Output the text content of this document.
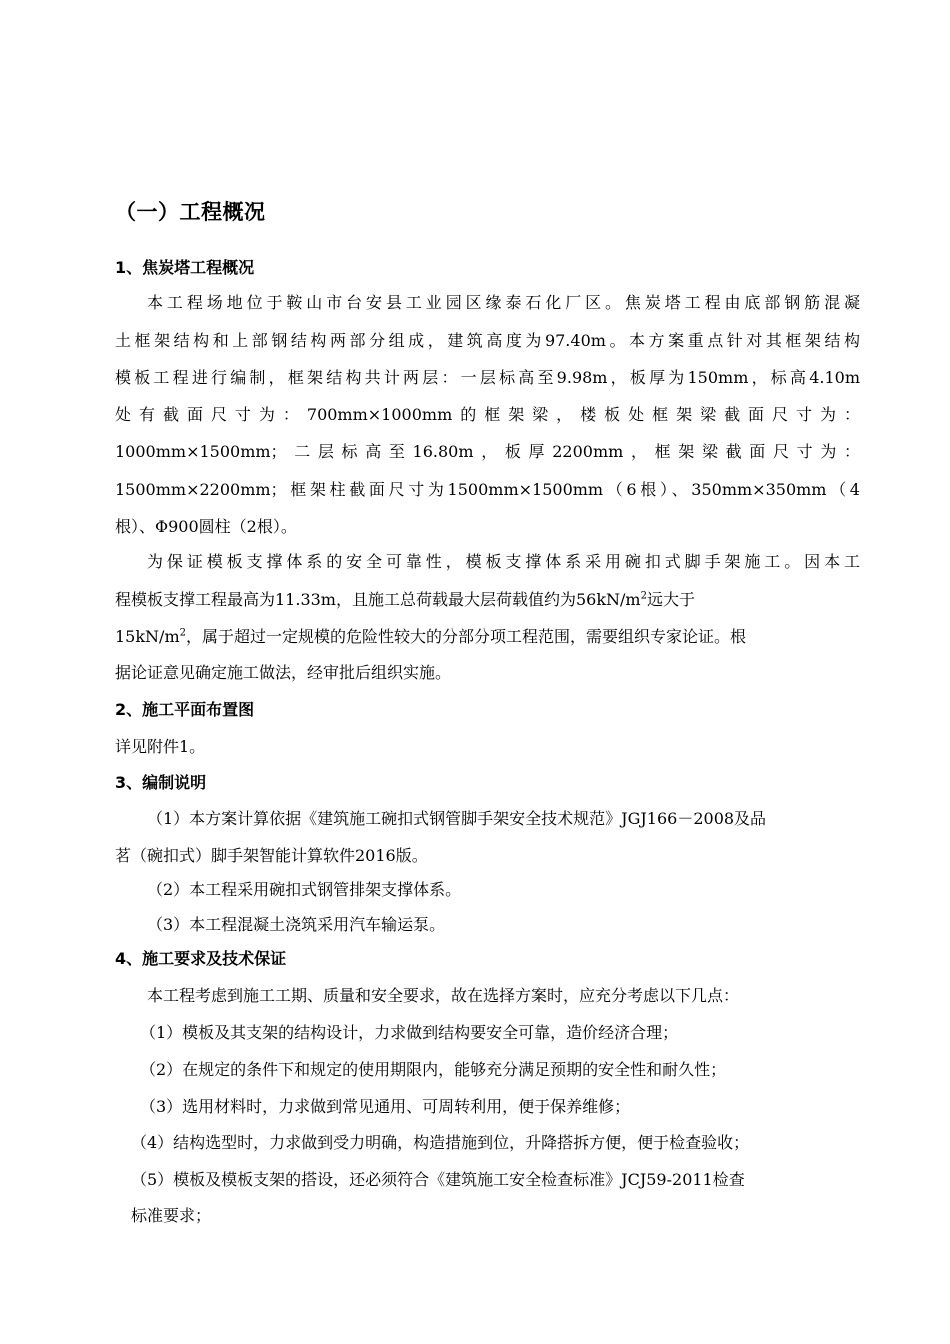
（一）工程概况
1、焦炭塔工程概况
本工程场地位于鞍山市台安县工业园区缘泰石化厂区。焦炭塔工程由底部钢筋混凝
土框架结构和上部钢结构两部分组成，建筑高度为97.40m。本方案重点针对其框架结构
模板工程进行编制，框架结构共计两层：一层标高至9.98m，板厚为150mm，标高4.10m
处有截面尺寸为：700mm×1000mm的框架梁，楼板处框架梁截面尺寸为：
1000mm×1500mm；二层标高至16.80m，板厚2200mm，框架梁截面尺寸为：
1500mm×2200mm；框架柱截面尺寸为1500mm×1500mm（6根）、350mm×350mm（4
根）、Φ900圆柱（2根）。
为保证模板支撑体系的安全可靠性，模板支撑体系采用碗扣式脚手架施工。因本工
程模板支撑工程最高为11.33m，且施工总荷载最大层荷载值约为$56kN/m^2$远大于
$15kN/m^2$，属于超过一定规模的危险性较大的分部分项工程范围，需要组织专家论证。根
据论证意见确定施工做法，经审批后组织实施。
2、施工平面布置图
详见附件1。
3、编制说明
（1）本方案计算依据《建筑施工碗扣式钢管脚手架安全技术规范》JGJ166－2008及品
茗（碗扣式）脚手架智能计算软件2016版。
（2）本工程采用碗扣式钢管排架支撑体系。
（3）本工程混凝土浇筑采用汽车输运泵。
4、施工要求及技术保证
本工程考虑到施工工期、质量和安全要求，故在选择方案时，应充分考虑以下几点：
（1）模板及其支架的结构设计，力求做到结构要安全可靠，造价经济合理；
（2）在规定的条件下和规定的使用期限内，能够充分满足预期的安全性和耐久性；
（3）选用材料时，力求做到常见通用、可周转利用，便于保养维修；
（4）结构选型时，力求做到受力明确，构造措施到位，升降搭拆方便，便于检查验收；
（5）模板及模板支架的搭设，还必须符合《建筑施工安全检查标准》JCJ59-2011检查
标准要求；
